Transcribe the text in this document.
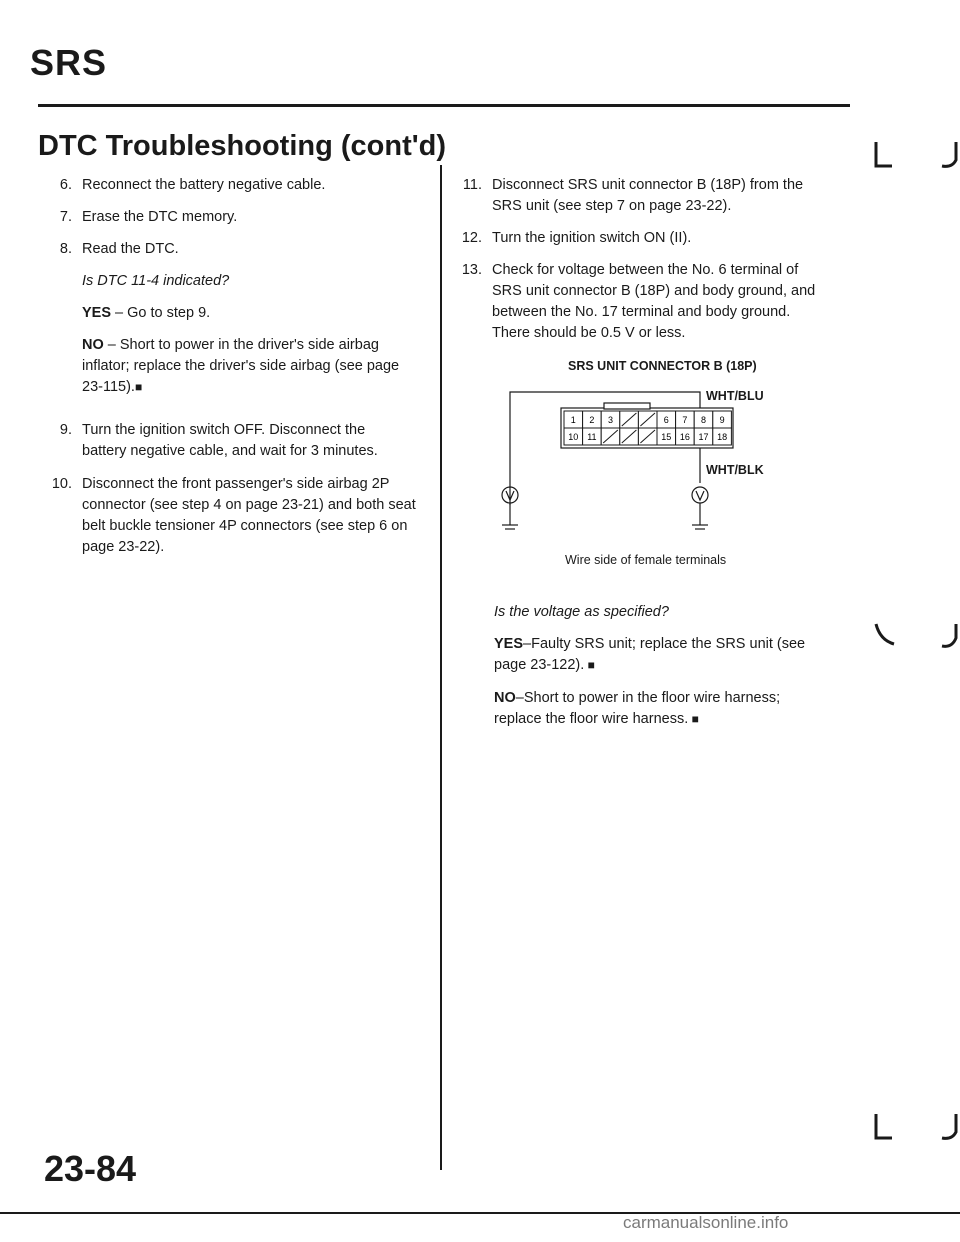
SRS
DTC Troubleshooting (cont'd)
6. Reconnect the battery negative cable.
7. Erase the DTC memory.
8. Read the DTC.
Is DTC 11-4 indicated?
YES – Go to step 9.
NO – Short to power in the driver's side airbag
inflator; replace the driver's side airbag (see page
23-115).■
9. Turn the ignition switch OFF. Disconnect the
battery negative cable, and wait for 3 minutes.
10. Disconnect the front passenger's side airbag 2P
connector (see step 4 on page 23-21) and both seat
belt buckle tensioner 4P connectors (see step 6 on
page 23-22).
11. Disconnect SRS unit connector B (18P) from the
SRS unit (see step 7 on page 23-22).
12. Turn the ignition switch ON (II).
13. Check for voltage between the No. 6 terminal of
SRS unit connector B (18P) and body ground, and
between the No. 17 terminal and body ground.
There should be 0.5 V or less.
SRS UNIT CONNECTOR B (18P)
WHT/BLU
WHT/BLK
1 2 3	6 7 8 9
10 11	15 16 17 18
Wire side of female terminals
Is the voltage as specified?
YES–Faulty SRS unit; replace the SRS unit (see
page 23-122). ■
NO–Short to power in the floor wire harness;
replace the floor wire harness. ■
23-84
carmanualsonline.info
